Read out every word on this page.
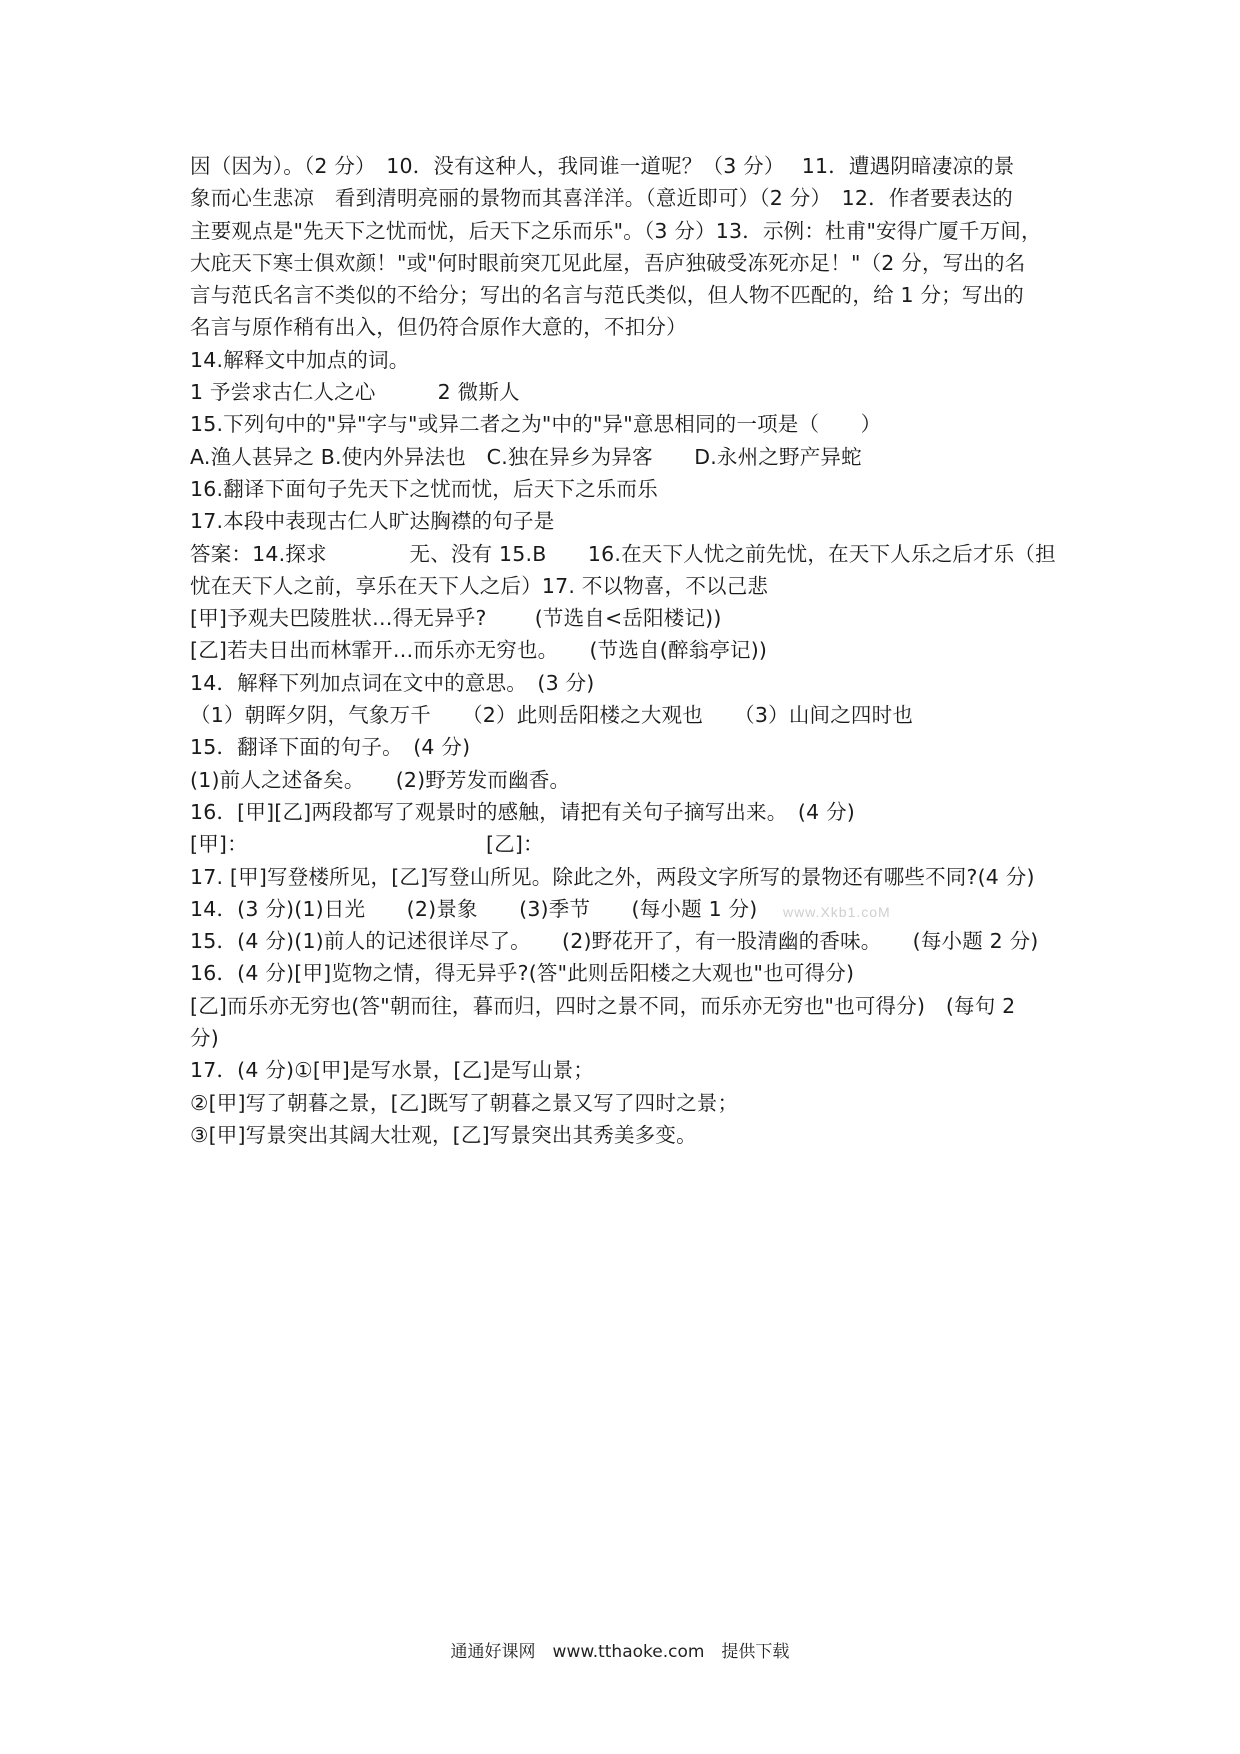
因（因为）。（2 分）　10．没有这种人，我同谁一道呢？（3 分）　 11．遭遇阴暗凄凉的景
象而心生悲凉　看到清明亮丽的景物而其喜洋洋。（意近即可）（2 分）　12．作者要表达的
主要观点是"先天下之忧而忧，后天下之乐而乐"。（3 分）13．示例：杜甫"安得广厦千万间，
大庇天下寒士俱欢颜！"或"何时眼前突兀见此屋，吾庐独破受冻死亦足！"（2 分，写出的名
言与范氏名言不类似的不给分；写出的名言与范氏类似，但人物不匹配的，给 1 分；写出的
名言与原作稍有出入，但仍符合原作大意的，不扣分）
14.解释文中加点的词。
1 予尝求古仁人之心　　　2 微斯人
15.下列句中的"异"字与"或异二者之为"中的"异"意思相同的一项是（　　）
A.渔人甚异之 B.使内外异法也　C.独在异乡为异客　　D.永州之野产异蛇
16.翻译下面句子先天下之忧而忧，后天下之乐而乐
17.本段中表现古仁人旷达胸襟的句子是
答案：14.探求　　　　无、没有 15.B　　16.在天下人忧之前先忧，在天下人乐之后才乐（担
忧在天下人之前，享乐在天下人之后）17. 不以物喜，不以己悲
[甲]予观夫巴陵胜状…得无异乎?　　 (节选自<岳阳楼记))
[乙]若夫日出而林霏开…而乐亦无穷也。　　(节选自(醉翁亭记))
14．解释下列加点词在文中的意思。　(3 分)
（1）朝晖夕阴，气象万千　　（2）此则岳阳楼之大观也　　（3）山间之四时也
15．翻译下面的句子。　(4 分)
(1)前人之述备矣。　　(2)野芳发而幽香。
16．[甲][乙]两段都写了观景时的感触，请把有关句子摘写出来。　(4 分)
[甲]：　　　　　　　　　　　　[乙]：
17. [甲]写登楼所见，[乙]写登山所见。除此之外，两段文字所写的景物还有哪些不同?(4 分)
14．(3 分)(1)日光　　(2)景象　　(3)季节　　(每小题 1 分)
15．(4 分)(1)前人的记述很详尽了。　　(2)野花开了，有一股清幽的香味。　　(每小题 2 分)
16．(4 分)[甲]览物之情，得无异乎?(答"此则岳阳楼之大观也"也可得分)
[乙]而乐亦无穷也(答"朝而往，暮而归，四时之景不同，而乐亦无穷也"也可得分)　(每句 2
分)
17．(4 分)①[甲]是写水景，[乙]是写山景；
②[甲]写了朝暮之景，[乙]既写了朝暮之景又写了四时之景；
③[甲]写景突出其阔大壮观，[乙]写景突出其秀美多变。
www.Xkb1.coM
通通好课网　www.tthaoke.com　提供下载
